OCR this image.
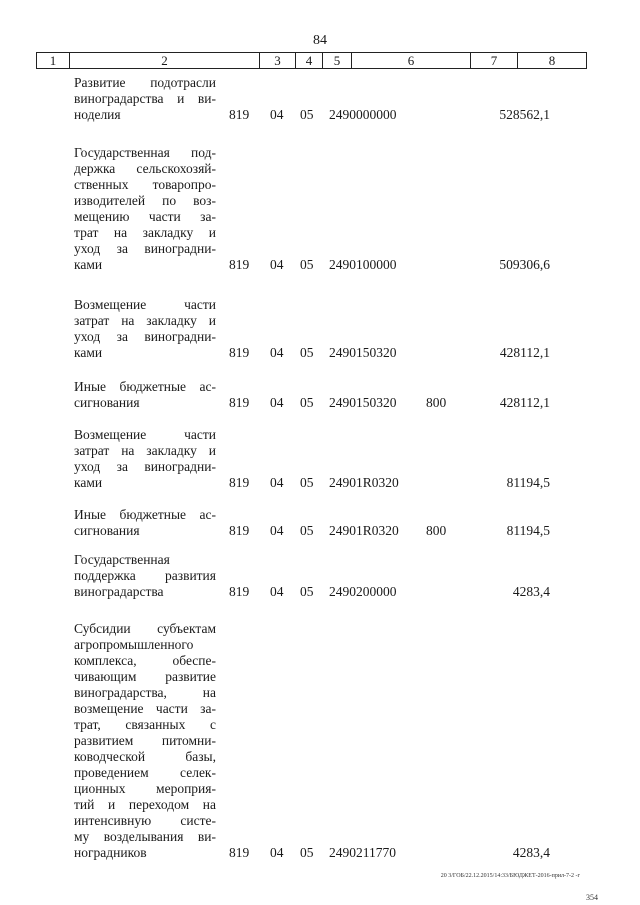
84
1	2	3	4	5	6	7	8
Развитие подотрасли виноградарства и ви-
ноделия	819 04 05 2490000000	528562,1
Государственная под-
держка сельскохозяй-
ственных товаропро-
изводителей по воз-
мещению части за-
трат на закладку и
уход за виноградни-
ками	819 04 05 2490100000	509306,6
Возмещение части
затрат на закладку и
уход за виноградни-
ками	819 04 05 2490150320	428112,1
Иные бюджетные ас-
сигнования	819 04 05 2490150320 800	428112,1
Возмещение части
затрат на закладку и
уход за виноградни-
ками	819 04 05 24901R0320	81194,5
Иные бюджетные ас-
сигнования	819 04 05 24901R0320 800	81194,5
Государственная
поддержка развития
виноградарства	819 04 05 2490200000	4283,4
Субсидии субъектам
агропромышленного
комплекса, обеспе-
чивающим развитие
виноградарства, на
возмещение части за-
трат, связанных с
развитием питомни-
ководческой базы,
проведением селек-
ционных мероприя-
тий и переходом на
интенсивную систе-
му возделывания ви-
ноградников	819 04 05 2490211770	4283,4
20 3/ГОБ/22.12.2015/14:33/БЮДЖЕТ-2016-прил-7-2 -г
354
